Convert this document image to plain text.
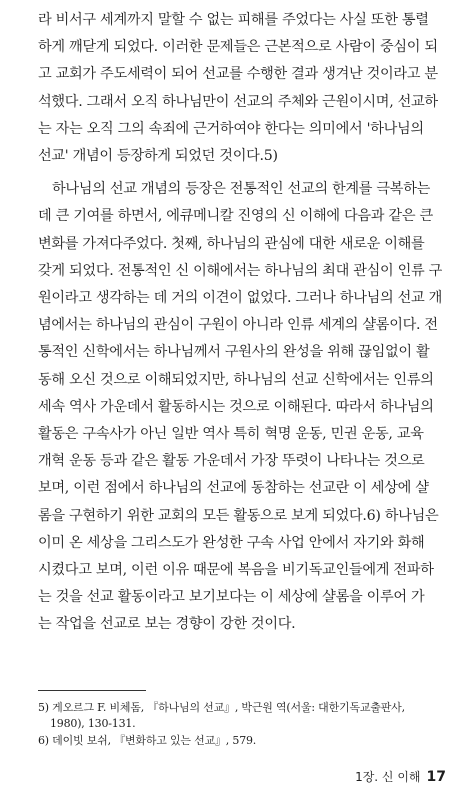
라 비서구 세계까지 말할 수 없는 피해를 주었다는 사실 또한 통렬
하게 깨닫게 되었다. 이러한 문제들은 근본적으로 사람이 중심이 되
고 교회가 주도세력이 되어 선교를 수행한 결과 생겨난 것이라고 분
석했다. 그래서 오직 하나님만이 선교의 주체와 근원이시며, 선교하
는 자는 오직 그의 속죄에 근거하여야 한다는 의미에서 '하나님의
선교' 개념이 등장하게 되었던 것이다.5)
하나님의 선교 개념의 등장은 전통적인 선교의 한계를 극복하는
데 큰 기여를 하면서, 에큐메니칼 진영의 신 이해에 다음과 같은 큰
변화를 가져다주었다. 첫째, 하나님의 관심에 대한 새로운 이해를
갖게 되었다. 전통적인 신 이해에서는 하나님의 최대 관심이 인류 구
원이라고 생각하는 데 거의 이견이 없었다. 그러나 하나님의 선교 개
념에서는 하나님의 관심이 구원이 아니라 인류 세계의 샬롬이다. 전
통적인 신학에서는 하나님께서 구원사의 완성을 위해 끊임없이 활
동해 오신 것으로 이해되었지만, 하나님의 선교 신학에서는 인류의
세속 역사 가운데서 활동하시는 것으로 이해된다. 따라서 하나님의
활동은 구속사가 아닌 일반 역사 특히 혁명 운동, 민권 운동, 교육
개혁 운동 등과 같은 활동 가운데서 가장 뚜렷이 나타나는 것으로
보며, 이런 점에서 하나님의 선교에 동참하는 선교란 이 세상에 샬
롬을 구현하기 위한 교회의 모든 활동으로 보게 되었다.6) 하나님은
이미 온 세상을 그리스도가 완성한 구속 사업 안에서 자기와 화해
시켰다고 보며, 이런 이유 때문에 복음을 비기독교인들에게 전파하
는 것을 선교 활동이라고 보기보다는 이 세상에 샬롬을 이루어 가
는 작업을 선교로 보는 경향이 강한 것이다.
5) 게오르그 F. 비체돔, 『하나님의 선교』, 박근원 역(서울: 대한기독교출판사,
1980), 130-131.
6) 데이빗 보쉬, 『변화하고 있는 선교』, 579.
1장. 신 이해 17
